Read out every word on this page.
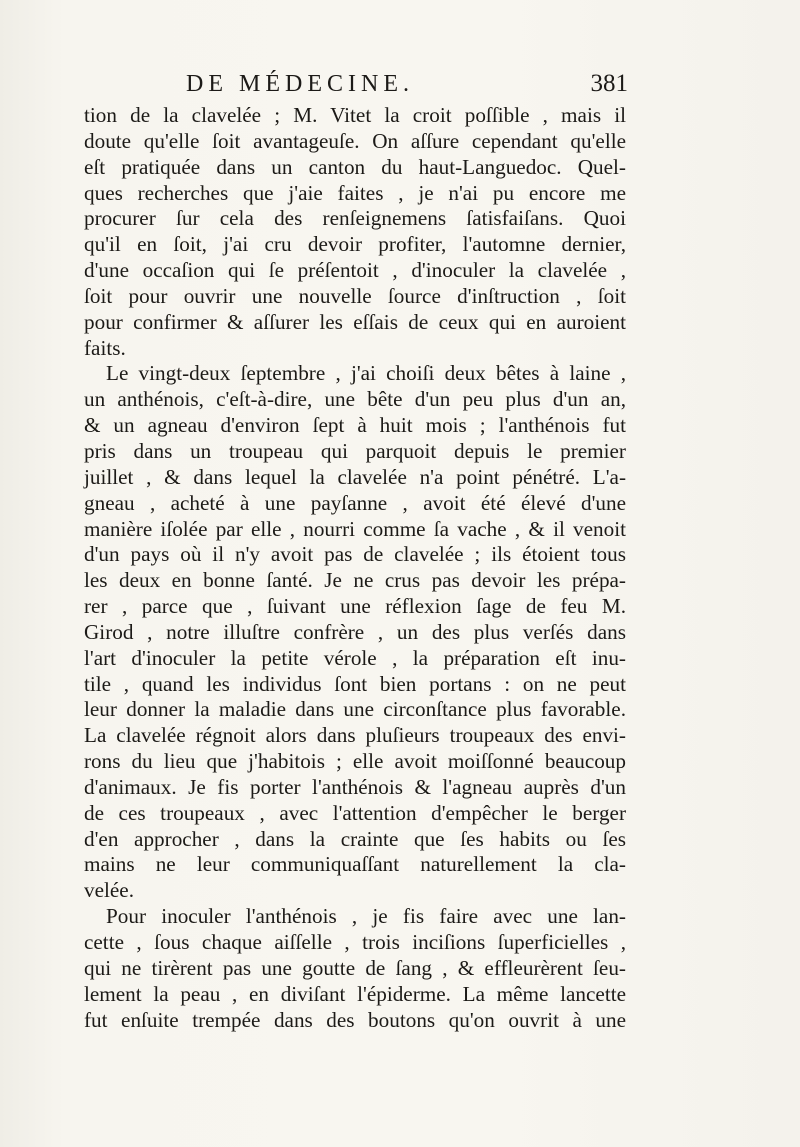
DE MÉDECINE.	381
tion de la clavelée ; M. Vitet la croit poſſible , mais il
doute qu'elle ſoit avantageuſe. On aſſure cependant qu'elle
eſt pratiquée dans un canton du haut-Languedoc. Quel-
ques recherches que j'aie faites , je n'ai pu encore me
procurer ſur cela des renſeignemens ſatisfaiſans. Quoi
qu'il en ſoit, j'ai cru devoir profiter, l'automne dernier,
d'une occaſion qui ſe préſentoit , d'inoculer la clavelée ,
ſoit pour ouvrir une nouvelle ſource d'inſtruction , ſoit
pour confirmer & aſſurer les eſſais de ceux qui en auroient
faits.
Le vingt-deux ſeptembre , j'ai choiſi deux bêtes à laine ,
un anthénois, c'eſt-à-dire, une bête d'un peu plus d'un an,
& un agneau d'environ ſept à huit mois ; l'anthénois fut
pris dans un troupeau qui parquoit depuis le premier
juillet , & dans lequel la clavelée n'a point pénétré. L'a-
gneau , acheté à une payſanne , avoit été élevé d'une
manière iſolée par elle , nourri comme ſa vache , & il venoit
d'un pays où il n'y avoit pas de clavelée ; ils étoient tous
les deux en bonne ſanté. Je ne crus pas devoir les prépa-
rer , parce que , ſuivant une réflexion ſage de feu M.
Girod , notre illuſtre confrère , un des plus verſés dans
l'art d'inoculer la petite vérole , la préparation eſt inu-
tile , quand les individus ſont bien portans : on ne peut
leur donner la maladie dans une circonſtance plus favorable.
La clavelée régnoit alors dans pluſieurs troupeaux des envi-
rons du lieu que j'habitois ; elle avoit moiſſonné beaucoup
d'animaux. Je fis porter l'anthénois & l'agneau auprès d'un
de ces troupeaux , avec l'attention d'empêcher le berger
d'en approcher , dans la crainte que ſes habits ou ſes
mains ne leur communiquaſſant naturellement la cla-
velée.
Pour inoculer l'anthénois , je fis faire avec une lan-
cette , ſous chaque aiſſelle , trois inciſions ſuperficielles ,
qui ne tirèrent pas une goutte de ſang , & effleurèrent ſeu-
lement la peau , en diviſant l'épiderme. La même lancette
fut enſuite trempée dans des boutons qu'on ouvrit à une
